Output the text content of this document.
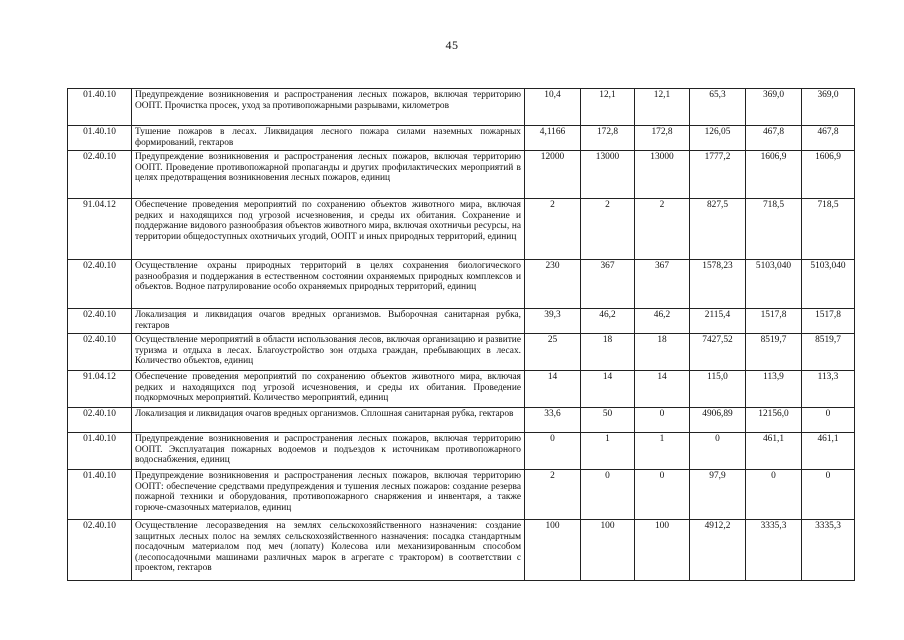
45
01.40.10	Предупреждение возникновения и распространения лесных пожаров, включая территорию ООПТ. Прочистка просек, уход за противопожарными разрывами, километров	10,4	12,1	12,1	65,3	369,0	369,0
01.40.10	Тушение пожаров в лесах. Ликвидация лесного пожара силами наземных пожарных формирований, гектаров	4,1166	172,8	172,8	126,05	467,8	467,8
02.40.10	Предупреждение возникновения и распространения лесных пожаров, включая территорию ООПТ. Проведение противопожарной пропаганды и других профилактических мероприятий в целях предотвращения возникновения лесных пожаров, единиц	12000	13000	13000	1777,2	1606,9	1606,9
91.04.12	Обеспечение проведения мероприятий по сохранению объектов животного мира, включая редких и находящихся под угрозой исчезновения, и среды их обитания. Сохранение и поддержание видового разнообразия объектов животного мира, включая охотничьи ресурсы, на территории общедоступных охотничьих угодий, ООПТ и иных природных территорий, единиц	2	2	2	827,5	718,5	718,5
02.40.10	Осуществление охраны природных территорий в целях сохранения биологического разнообразия и поддержания в естественном состоянии охраняемых природных комплексов и объектов. Водное патрулирование особо охраняемых природных территорий, единиц	230	367	367	1578,23	5103,040	5103,040
02.40.10	Локализация и ликвидация очагов вредных организмов. Выборочная санитарная рубка, гектаров	39,3	46,2	46,2	2115,4	1517,8	1517,8
02.40.10	Осуществление мероприятий в области использования лесов, включая организацию и развитие туризма и отдыха в лесах. Благоустройство зон отдыха граждан, пребывающих в лесах. Количество объектов, единиц	25	18	18	7427,52	8519,7	8519,7
91.04.12	Обеспечение проведения мероприятий по сохранению объектов животного мира, включая редких и находящихся под угрозой исчезновения, и среды их обитания. Проведение подкормочных мероприятий. Количество мероприятий, единиц	14	14	14	115,0	113,9	113,3
02.40.10	Локализация и ликвидация очагов вредных организмов. Сплошная санитарная рубка, гектаров	33,6	50	0	4906,89	12156,0	0
01.40.10	Предупреждение возникновения и распространения лесных пожаров, включая территорию ООПТ. Эксплуатация пожарных водоемов и подъездов к источникам противопожарного водоснабжения, единиц	0	1	1	0	461,1	461,1
01.40.10	Предупреждение возникновения и распространения лесных пожаров, включая территорию ООПТ: обеспечение средствами предупреждения и тушения лесных пожаров: создание резерва пожарной техники и оборудования, противопожарного снаряжения и инвентаря, а также горюче-смазочных материалов, единиц	2	0	0	97,9	0	0
02.40.10	Осуществление лесоразведения на землях сельскохозяйственного назначения: создание защитных лесных полос на землях сельскохозяйственного назначения: посадка стандартным посадочным материалом под меч (лопату) Колесова или механизированным способом (лесопосадочными машинами различных марок в агрегате с трактором) в соответствии с проектом, гектаров	100	100	100	4912,2	3335,3	3335,3
